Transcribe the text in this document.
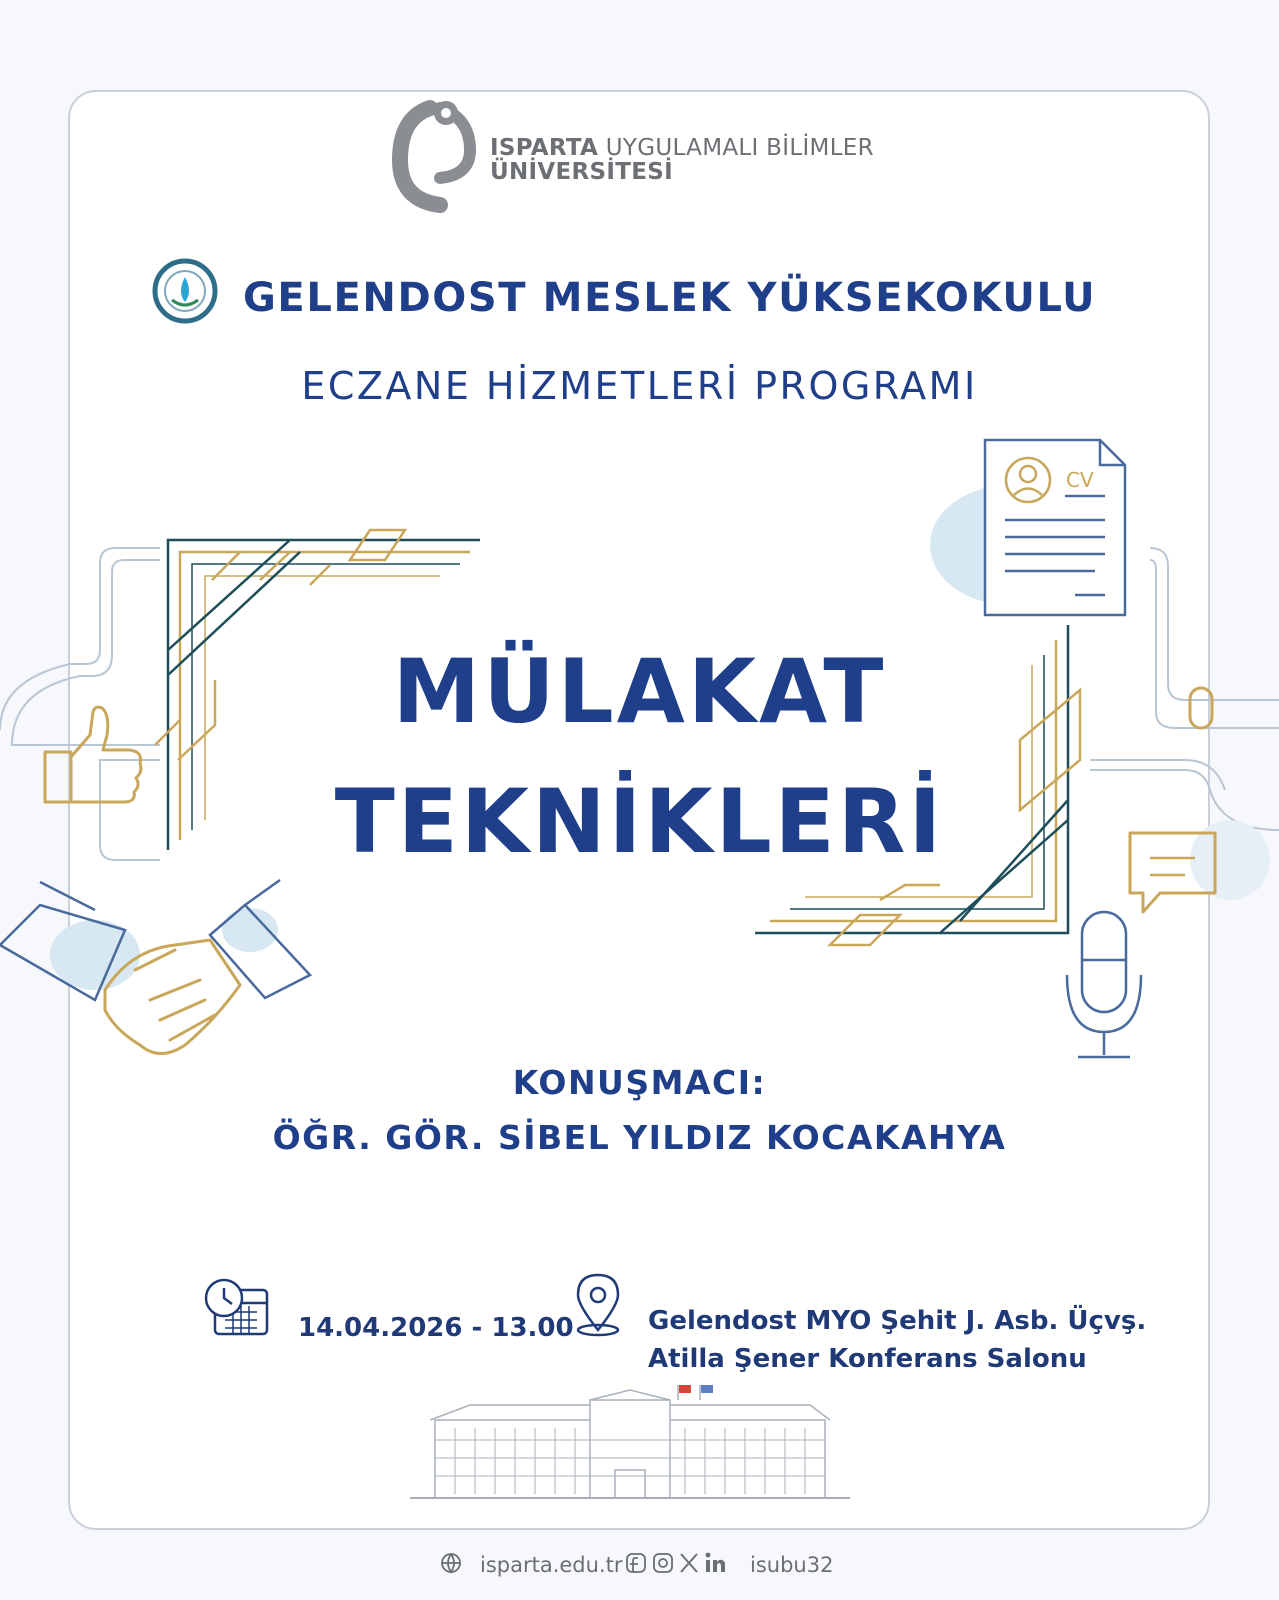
CV
ISPARTA UYGULAMALI BİLİMLER
ÜNİVERSİTESİ
GELENDOST MESLEK YÜKSEKOKULU
ECZANE HİZMETLERİ PROGRAMI
MÜLAKAT
TEKNİKLERİ
KONUŞMACI:
ÖĞR. GÖR. SİBEL YILDIZ KOCAKAHYA
14.04.2026 - 13.00	Gelendost MYO Şehit J. Asb. Üçvş.
Atilla Şener Konferans Salonu
isparta.edu.tr	isubu32
